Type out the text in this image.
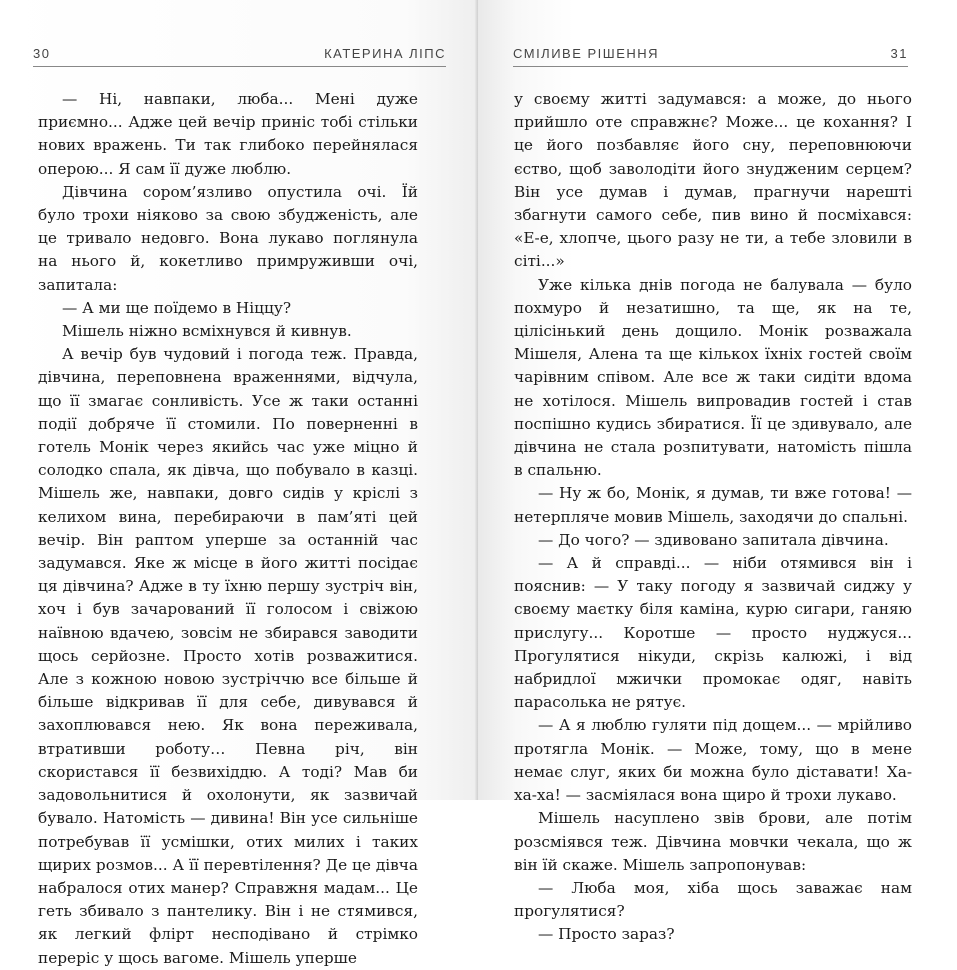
30	КАТЕРИНА ЛІПС

— Ні, навпаки, люба... Мені дуже приємно... Адже цей вечір приніс тобі стільки нових вражень. Ти так глибоко перейнялася оперою... Я сам її дуже люблю.

Дівчина сором’язливо опустила очі. Їй було трохи ніяково за свою збудженість, але це тривало недовго. Вона лукаво поглянула на нього й, кокетливо примруживши очі, запитала:

— А ми ще поїдемо в Ніццу?

Мішель ніжно всміхнувся й кивнув.

А вечір був чудовий і погода теж. Правда, дівчина, переповнена враженнями, відчула, що її змагає сонливість. Усе ж таки останні події добряче її стомили. По поверненні в готель Монік через якийсь час уже міцно й солодко спала, як дівча, що побувало в казці. Мішель же, навпаки, довго сидів у кріслі з келихом вина, перебираючи в пам’яті цей вечір. Він раптом уперше за останній час задумався. Яке ж місце в його житті посідає ця дівчина? Адже в ту їхню першу зустріч він, хоч і був зачарований її голосом і свіжою наївною вдачею, зовсім не збирався заводити щось серйозне. Просто хотів розважитися. Але з кожною новою зустріччю все більше й більше відкривав її для себе, дивувався й захоплювався нею. Як вона переживала, втративши роботу… Певна річ, він скористався її безвихіддю. А тоді? Мав би задовольнитися й охолонути, як зазвичай бувало. Натомість — дивина! Він усе сильніше потребував її усмішки, отих милих і таких щирих розмов... А її перевтілення? Де це дівча набралося отих манер? Справжня мадам... Це геть збивало з пантелику. Він і не стямився, як легкий флірт несподівано й стрімко переріс у щось вагоме. Мішель уперше

СМІЛИВЕ РІШЕННЯ	31

у своєму житті задумався: а може, до нього прийшло оте справжнє? Може... це кохання? І це його позбавляє його сну, переповнюючи єство, щоб заволодіти його знудженим серцем? Він усе думав і думав, прагнучи нарешті збагнути самого себе, пив вино й посміхався: «Е-е, хлопче, цього разу не ти, а тебе зловили в сіті...»

Уже кілька днів погода не балувала — було похмуро й незатишно, та ще, як на те, цілісінький день дощило. Монік розважала Мішеля, Алена та ще кількох їхніх гостей своїм чарівним співом. Але все ж таки сидіти вдома не хотілося. Мішель випровадив гостей і став поспішно кудись збиратися. Її це здивувало, але дівчина не стала розпитувати, натомість пішла в спальню.

— Ну ж бо, Монік, я думав, ти вже готова! — нетерпляче мовив Мішель, заходячи до спальні.

— До чого? — здивовано запитала дівчина.

— А й справді... — ніби отямився він і пояснив: — У таку погоду я зазвичай сиджу у своєму маєтку біля каміна, курю сигари, ганяю прислугу... Коротше — просто нуджуся... Прогулятися нікуди, скрізь калюжі, і від набридлої мжички промокає одяг, навіть парасолька не рятує.

— А я люблю гуляти під дощем... — мрійливо протягла Монік. — Може, тому, що в мене немає слуг, яких би можна було діставати! Ха-ха-ха! — засміялася вона щиро й трохи лукаво.

Мішель насуплено звів брови, але потім розсміявся теж. Дівчина мовчки чекала, що ж він їй скаже. Мішель запропонував:

— Люба моя, хіба щось заважає нам прогулятися?

— Просто зараз?
